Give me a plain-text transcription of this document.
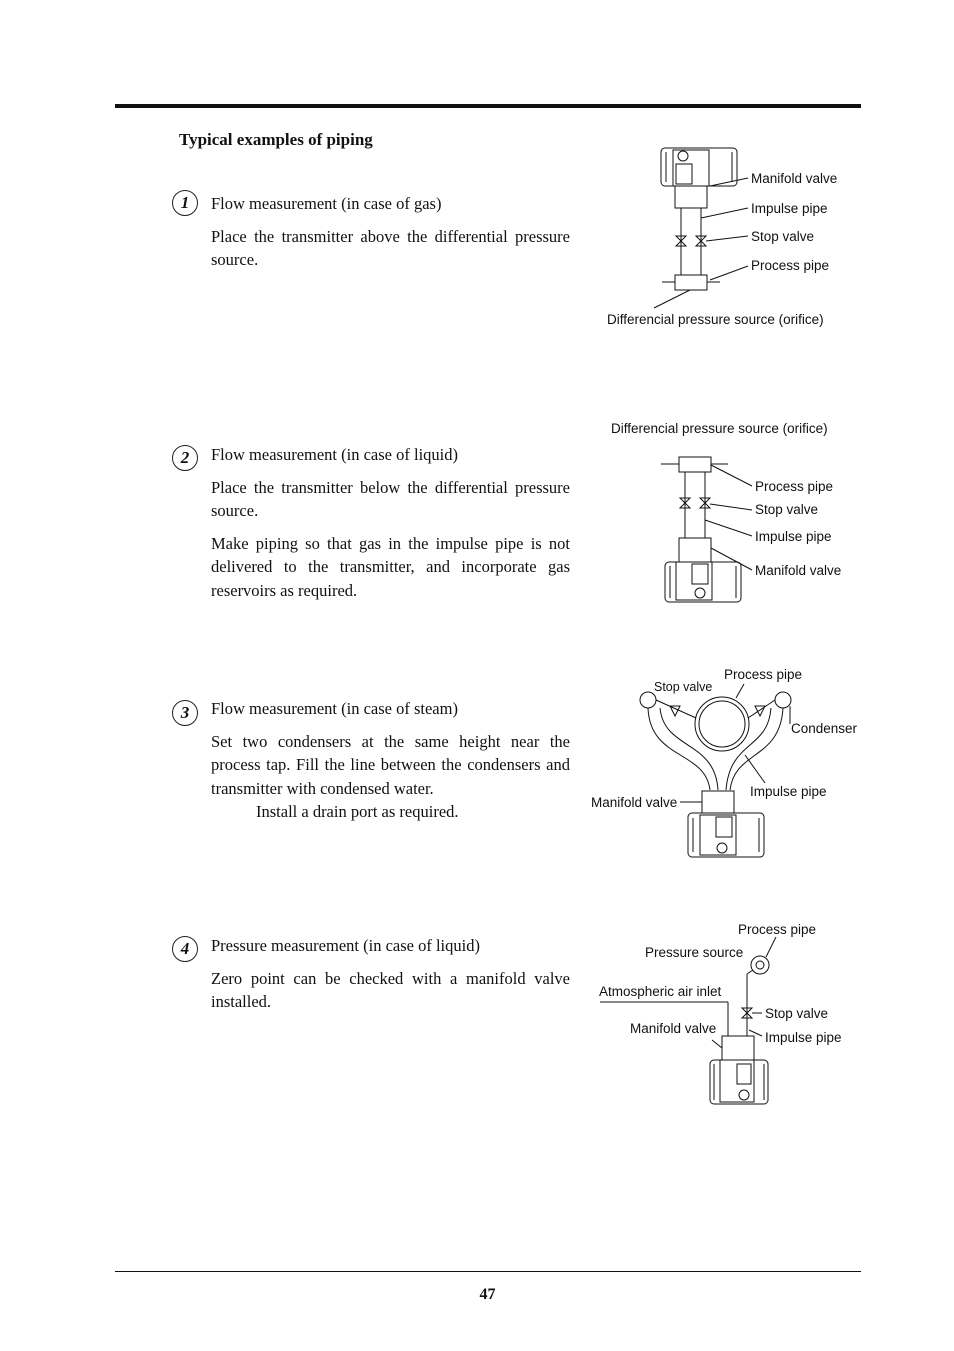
Typical examples of piping
1	Flow measurement (in case of gas)

Place the transmitter above the differential pressure source.

2	Flow measurement (in case of liquid)

Place the transmitter below the differential pressure source.

Make piping so that gas in the impulse pipe is not delivered to the transmitter, and incorporate gas reservoirs as required.

3	Flow measurement (in case of steam)

Set two condensers at the same height near the process tap. Fill the line between the condensers and transmitter with condensed water.

Install a drain port as required.

4	Pressure measurement (in case of liquid)

Zero point can be checked with a manifold valve installed.

Manifold valve
Impulse pipe
Stop valve
Process pipe
Differencial pressure source (orifice)
Differencial pressure source (orifice)
Process pipe
Stop valve
Impulse pipe
Manifold valve
Stop valve
Process pipe
Condenser
Impulse pipe
Manifold valve
Process pipe
Pressure source
Atmospheric air inlet
Stop valve
Manifold valve
Impulse pipe
47
